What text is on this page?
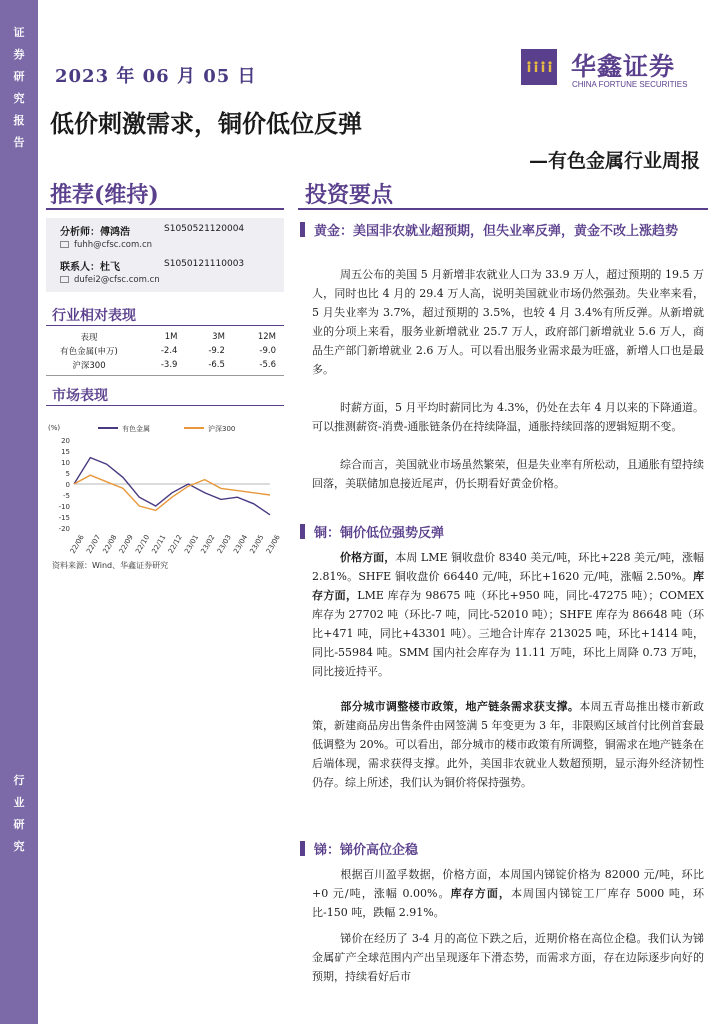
证
券
研
究
报
告
行
业
研
究
2023 年 06 月 05 日	华鑫证券
CHINA FORTUNE SECURITIES
低价刺激需求，铜价低位反弹
—有色金属行业周报
推荐(维持)	投资要点
分析师：傅鸿浩	S1050521120004
fuhh@cfsc.com.cn
联系人：杜飞	S1050121110003
dufei2@cfsc.com.cn
行业相对表现
表现	1M	3M	12M
有色金属(申万)	-2.4	-9.2	-9.0
沪深300	-3.9	-6.5	-5.6
市场表现
20
15
10
5
0
-5
-10
-15
-20
(%)
22/06 22/07 22/08 22/09 22/10 22/11 22/12 23/01 23/02 23/03 23/04 23/05 23/06
有色金属	沪深300
资料来源：Wind、华鑫证券研究
黄金：美国非农就业超预期，但失业率反弹，黄金不改上涨趋势
周五公布的美国 5 月新增非农就业人口为 33.9 万人，超过预期的 19.5 万人，同时也比 4 月的 29.4 万人高，说明美国就业市场仍然强劲。失业率来看，5 月失业率为 3.7%，超过预期的 3.5%，也较 4 月 3.4%有所反弹。从新增就业的分项上来看，服务业新增就业 25.7 万人，政府部门新增就业 5.6 万人，商品生产部门新增就业 2.6 万人。可以看出服务业需求最为旺盛，新增人口也是最多。
时薪方面，5 月平均时薪同比为 4.3%，仍处在去年 4 月以来的下降通道。可以推测薪资-消费-通胀链条仍在持续降温，通胀持续回落的逻辑短期不变。
综合而言，美国就业市场虽然繁荣，但是失业率有所松动，且通胀有望持续回落，美联储加息接近尾声，仍长期看好黄金价格。
铜：铜价低位强势反弹
价格方面，本周 LME 铜收盘价 8340 美元/吨，环比+228 美元/吨，涨幅 2.81%。SHFE 铜收盘价 66440 元/吨，环比+1620 元/吨，涨幅 2.50%。库存方面，LME 库存为 98675 吨（环比+950 吨，同比-47275 吨）；COMEX 库存为 27702 吨（环比-7 吨，同比-52010 吨）；SHFE 库存为 86648 吨（环比+471 吨，同比+43301 吨）。三地合计库存 213025 吨，环比+1414 吨，同比-55984 吨。SMM 国内社会库存为 11.11 万吨，环比上周降 0.73 万吨，同比接近持平。
部分城市调整楼市政策，地产链条需求获支撑。本周五青岛推出楼市新政策，新建商品房出售条件由网签满 5 年变更为 3 年，非限购区域首付比例首套最低调整为 20%。可以看出，部分城市的楼市政策有所调整，铜需求在地产链条在后端体现，需求获得支撑。此外，美国非农就业人数超预期，显示海外经济韧性仍存。综上所述，我们认为铜价将保持强势。
锑：锑价高位企稳
根据百川盈孚数据，价格方面，本周国内锑锭价格为 82000 元/吨，环比+0 元/吨，涨幅 0.00%。库存方面，本周国内锑锭工厂库存 5000 吨，环比-150 吨，跌幅 2.91%。
锑价在经历了 3-4 月的高位下跌之后，近期价格在高位企稳。我们认为锑金属矿产全球范围内产出呈现逐年下滑态势，而需求方面，存在边际逐步向好的预期，持续看好后市
